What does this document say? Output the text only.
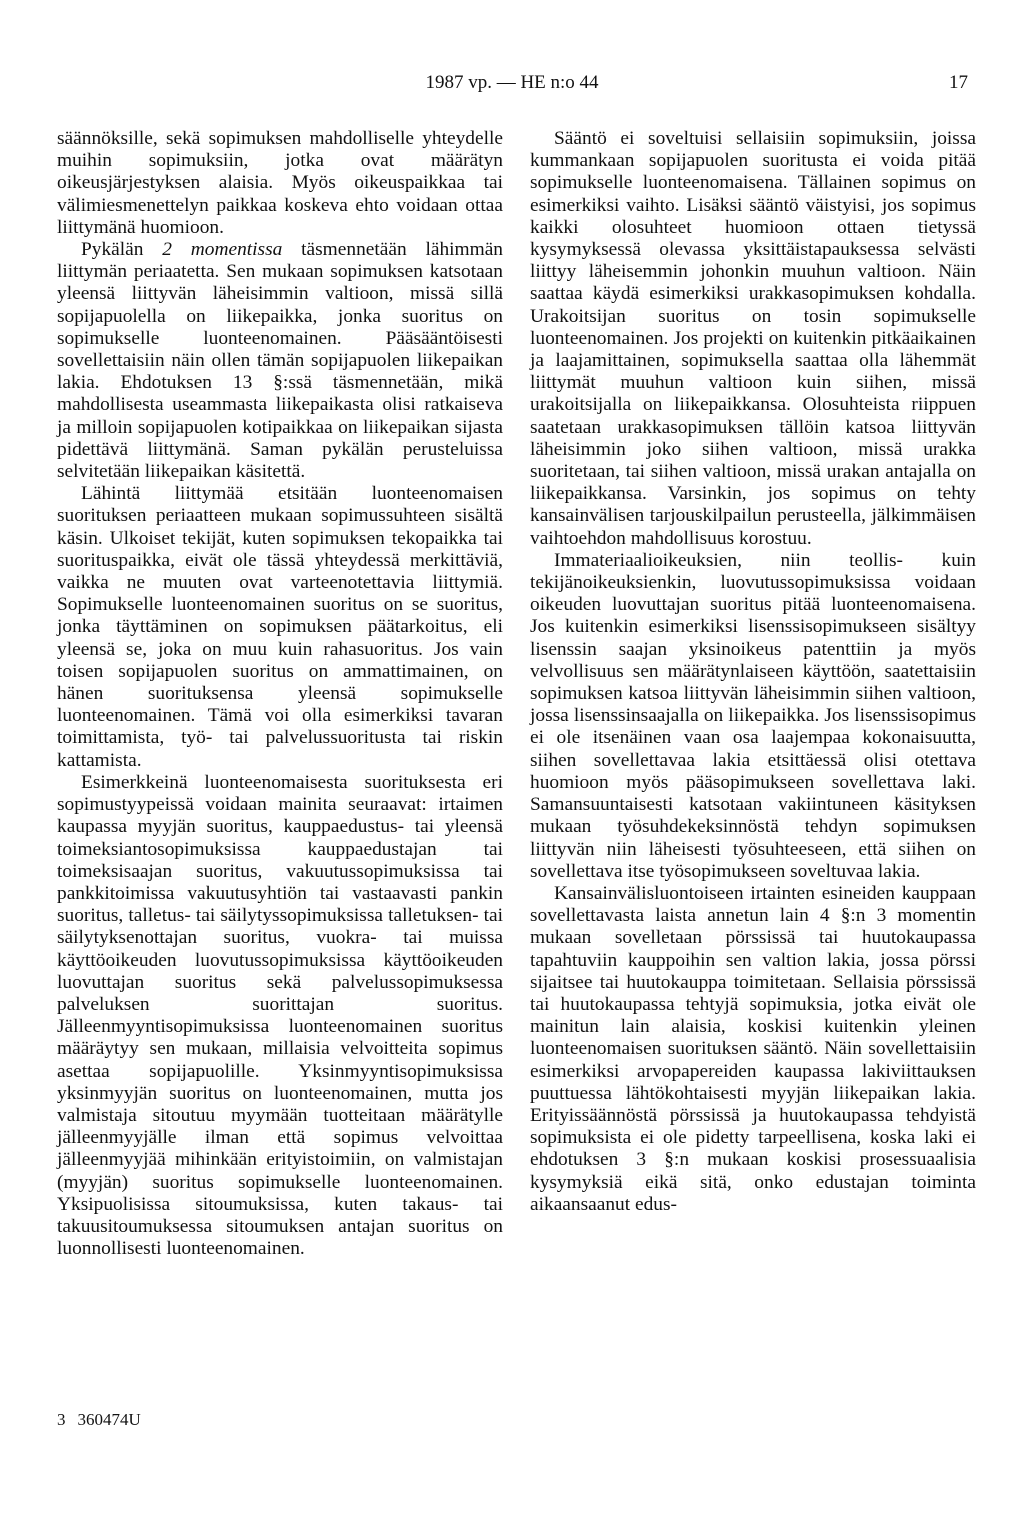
1987 vp. — HE n:o 44	17

säännöksille, sekä sopimuksen mahdolliselle yhteydelle muihin sopimuksiin, jotka ovat määrätyn oikeusjärjestyksen alaisia. Myös oikeuspaikkaa tai välimiesmenettelyn paikkaa koskeva ehto voidaan ottaa liittymänä huomioon.

Pykälän 2 momentissa täsmennetään lähimmän liittymän periaatetta. Sen mukaan sopimuksen katsotaan yleensä liittyvän läheisimmin valtioon, missä sillä sopijapuolella on liikepaikka, jonka suoritus on sopimukselle luonteenomainen. Pääsääntöisesti sovellettaisiin näin ollen tämän sopijapuolen liikepaikan lakia. Ehdotuksen 13 §:ssä täsmennetään, mikä mahdollisesta useammasta liikepaikasta olisi ratkaiseva ja milloin sopijapuolen kotipaikkaa on liikepaikan sijasta pidettävä liittymänä. Saman pykälän perusteluissa selvitetään liikepaikan käsitettä.

Lähintä liittymää etsitään luonteenomaisen suorituksen periaatteen mukaan sopimussuhteen sisältä käsin. Ulkoiset tekijät, kuten sopimuksen tekopaikka tai suorituspaikka, eivät ole tässä yhteydessä merkittäviä, vaikka ne muuten ovat varteenotettavia liittymiä. Sopimukselle luonteenomainen suoritus on se suoritus, jonka täyttäminen on sopimuksen päätarkoitus, eli yleensä se, joka on muu kuin rahasuoritus. Jos vain toisen sopijapuolen suoritus on ammattimainen, on hänen suorituksensa yleensä sopimukselle luonteenomainen. Tämä voi olla esimerkiksi tavaran toimittamista, työ- tai palvelussuoritusta tai riskin kattamista.

Esimerkkeinä luonteenomaisesta suorituksesta eri sopimustyypeissä voidaan mainita seuraavat: irtaimen kaupassa myyjän suoritus, kauppaedustus- tai yleensä toimeksiantosopimuksissa kauppaedustajan tai toimeksisaajan suoritus, vakuutussopimuksissa tai pankkitoimissa vakuutusyhtiön tai vastaavasti pankin suoritus, talletus- tai säilytyssopimuksissa talletuksen- tai säilytyksenottajan suoritus, vuokra- tai muissa käyttöoikeuden luovutussopimuksissa käyttöoikeuden luovuttajan suoritus sekä palvelussopimuksessa palveluksen suorittajan suoritus. Jälleenmyyntisopimuksissa luonteenomainen suoritus määräytyy sen mukaan, millaisia velvoitteita sopimus asettaa sopijapuolille. Yksinmyyntisopimuksissa yksinmyyjän suoritus on luonteenomainen, mutta jos valmistaja sitoutuu myymään tuotteitaan määrätylle jälleenmyyjälle ilman että sopimus velvoittaa jälleenmyyjää mihinkään erityistoimiin, on valmistajan (myyjän) suoritus sopimukselle luonteenomainen. Yksipuolisissa sitoumuksissa, kuten takaus- tai takuusitoumuksessa sitoumuksen antajan suoritus on luonnollisesti luonteenomainen.

Sääntö ei soveltuisi sellaisiin sopimuksiin, joissa kummankaan sopijapuolen suoritusta ei voida pitää sopimukselle luonteenomaisena. Tällainen sopimus on esimerkiksi vaihto. Lisäksi sääntö väistyisi, jos sopimus kaikki olosuhteet huomioon ottaen tietyssä kysymyksessä olevassa yksittäistapauksessa selvästi liittyy läheisemmin johonkin muuhun valtioon. Näin saattaa käydä esimerkiksi urakkasopimuksen kohdalla. Urakoitsijan suoritus on tosin sopimukselle luonteenomainen. Jos projekti on kuitenkin pitkäaikainen ja laajamittainen, sopimuksella saattaa olla lähemmät liittymät muuhun valtioon kuin siihen, missä urakoitsijalla on liikepaikkansa. Olosuhteista riippuen saatetaan urakkasopimuksen tällöin katsoa liittyvän läheisimmin joko siihen valtioon, missä urakka suoritetaan, tai siihen valtioon, missä urakan antajalla on liikepaikkansa. Varsinkin, jos sopimus on tehty kansainvälisen tarjouskilpailun perusteella, jälkimmäisen vaihtoehdon mahdollisuus korostuu.

Immateriaalioikeuksien, niin teollis- kuin tekijänoikeuksienkin, luovutussopimuksissa voidaan oikeuden luovuttajan suoritus pitää luonteenomaisena. Jos kuitenkin esimerkiksi lisenssisopimukseen sisältyy lisenssin saajan yksinoikeus patenttiin ja myös velvollisuus sen määrätynlaiseen käyttöön, saatettaisiin sopimuksen katsoa liittyvän läheisimmin siihen valtioon, jossa lisenssinsaajalla on liikepaikka. Jos lisenssisopimus ei ole itsenäinen vaan osa laajempaa kokonaisuutta, siihen sovellettavaa lakia etsittäessä olisi otettava huomioon myös pääsopimukseen sovellettava laki. Samansuuntaisesti katsotaan vakiintuneen käsityksen mukaan työsuhdekeksinnöstä tehdyn sopimuksen liittyvän niin läheisesti työsuhteeseen, että siihen on sovellettava itse työsopimukseen soveltuvaa lakia.

Kansainvälisluontoiseen irtainten esineiden kauppaan sovellettavasta laista annetun lain 4 §:n 3 momentin mukaan sovelletaan pörssissä tai huutokaupassa tapahtuviin kauppoihin sen valtion lakia, jossa pörssi sijaitsee tai huutokauppa toimitetaan. Sellaisia pörssissä tai huutokaupassa tehtyjä sopimuksia, jotka eivät ole mainitun lain alaisia, koskisi kuitenkin yleinen luonteenomaisen suorituksen sääntö. Näin sovellettaisiin esimerkiksi arvopapereiden kaupassa lakiviittauksen puuttuessa lähtökohtaisesti myyjän liikepaikan lakia. Erityissäännöstä pörssissä ja huutokaupassa tehdyistä sopimuksista ei ole pidetty tarpeellisena, koska laki ei ehdotuksen 3 §:n mukaan koskisi prosessuaalisia kysymyksiä eikä sitä, onko edustajan toiminta aikaansaanut edus-

3 360474U
